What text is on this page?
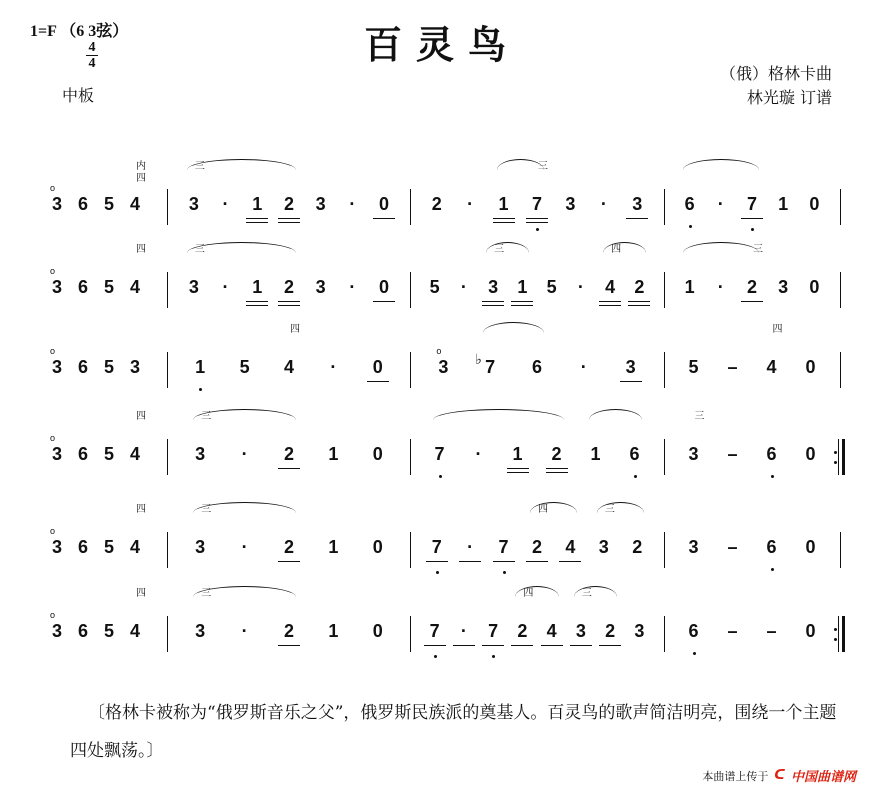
1=F （6 3弦）
4
4
中板
百灵鸟
（俄）格林卡曲
林光璇 订谱
3
o
6 5 4
内
四
3
三
·	1	2	3	·	0	2	·	1	7
三
3	·	3	6	·	7	1	0
3
o
6 5 4
四
3
三
·	1	2	3	·	0	5	·	3
三
1	5	·	4
四
2	1	·	2
三
3	0
3
o
6 5 3	1	5	4
四
·	0	3
o
7
♭	6	·	3	5	–	4
四
0
3
o
6 5 4
四
3
三
·	2	1	0	7	·	1	2	1	6	3
三
–	6	0
3
o
6 5 4
四
3
三
·	2	1	0	7	·	7	2
四
4	3
三
2	3	–	6	0
3
o
6 5 4
四
3
三
·	2	1	0	7	·	7	2
四
4	3
三
2	3	6	–	–	0
〔格林卡被称为“俄罗斯音乐之父”，俄罗斯民族派的奠基人。百灵鸟的歌声简洁明亮，围绕一个主题四处飘荡。〕
本曲谱上传于 ᑕ 中国曲谱网
